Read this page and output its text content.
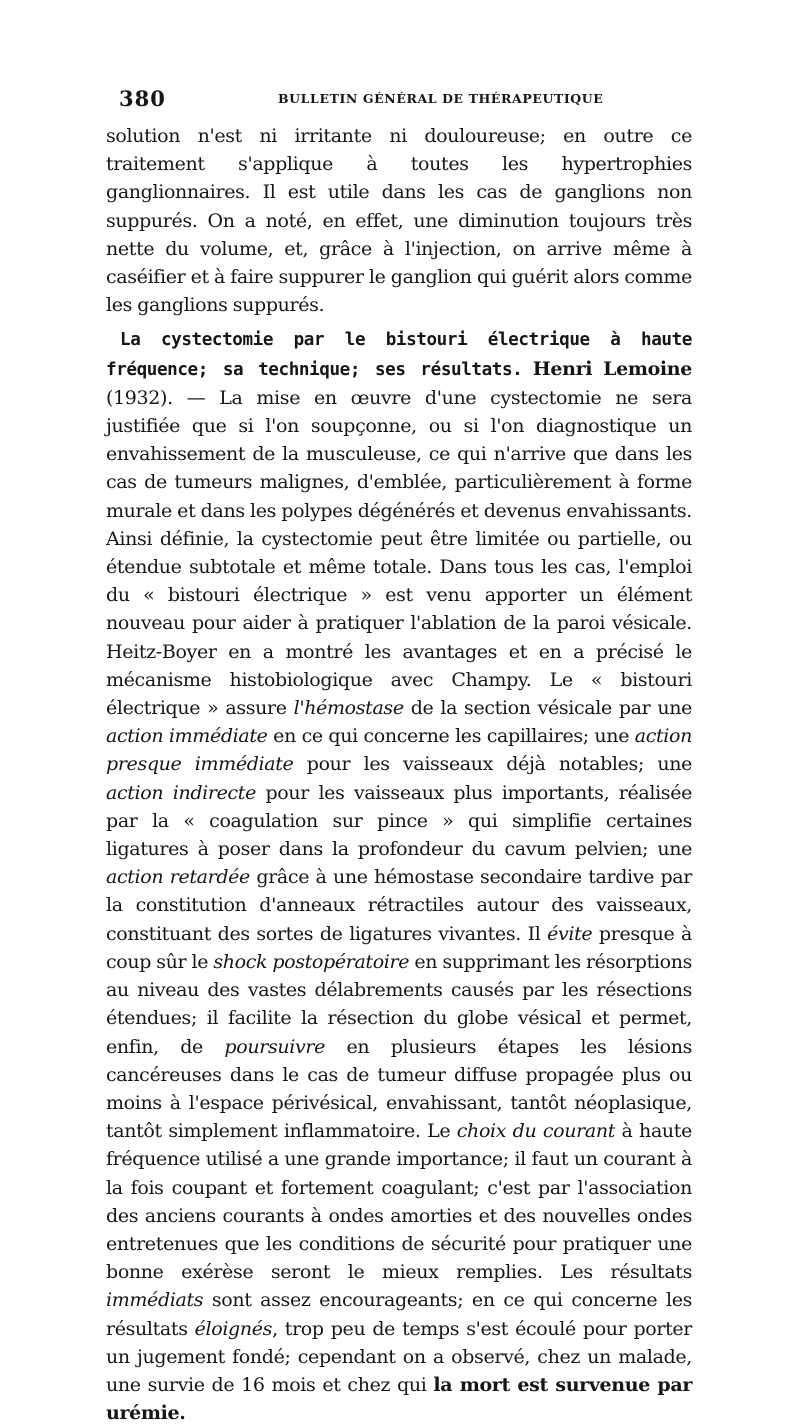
380	BULLETIN GÉNÉRAL DE THÉRAPEUTIQUE

solution n'est ni irritante ni douloureuse; en outre ce traitement s'applique à toutes les hypertrophies ganglionnaires. Il est utile dans les cas de ganglions non suppurés. On a noté, en effet, une diminution toujours très nette du volume, et, grâce à l'injection, on arrive même à caséifier et à faire suppurer le ganglion qui guérit alors comme les ganglions suppurés.

La cystectomie par le bistouri électrique à haute fréquence; sa technique; ses résultats. Henri Lemoine (1932). — La mise en œuvre d'une cystectomie ne sera justifiée que si l'on soupçonne, ou si l'on diagnostique un envahissement de la musculeuse, ce qui n'arrive que dans les cas de tumeurs malignes, d'emblée, particulièrement à forme murale et dans les polypes dégénérés et devenus envahissants. Ainsi définie, la cystectomie peut être limitée ou partielle, ou étendue subtotale et même totale. Dans tous les cas, l'emploi du « bistouri électrique » est venu apporter un élément nouveau pour aider à pratiquer l'ablation de la paroi vésicale. Heitz-Boyer en a montré les avantages et en a précisé le mécanisme histobiologique avec Champy. Le « bistouri électrique » assure l'hémostase de la section vésicale par une action immédiate en ce qui concerne les capillaires; une action presque immédiate pour les vaisseaux déjà notables; une action indirecte pour les vaisseaux plus importants, réalisée par la « coagulation sur pince » qui simplifie certaines ligatures à poser dans la profondeur du cavum pelvien; une action retardée grâce à une hémostase secondaire tardive par la constitution d'anneaux rétractiles autour des vaisseaux, constituant des sortes de ligatures vivantes. Il évite presque à coup sûr le shock postopératoire en supprimant les résorptions au niveau des vastes délabrements causés par les résections étendues; il facilite la résection du globe vésical et permet, enfin, de poursuivre en plusieurs étapes les lésions cancéreuses dans le cas de tumeur diffuse propagée plus ou moins à l'espace périvésical, envahissant, tantôt néoplasique, tantôt simplement inflammatoire. Le choix du courant à haute fréquence utilisé a une grande importance; il faut un courant à la fois coupant et fortement coagulant; c'est par l'association des anciens courants à ondes amorties et des nouvelles ondes entretenues que les conditions de sécurité pour pratiquer une bonne exérèse seront le mieux remplies. Les résultats immédiats sont assez encourageants; en ce qui concerne les résultats éloignés, trop peu de temps s'est écoulé pour porter un jugement fondé; cependant on a observé, chez un malade, une survie de 16 mois et chez qui la mort est survenue par urémie.
